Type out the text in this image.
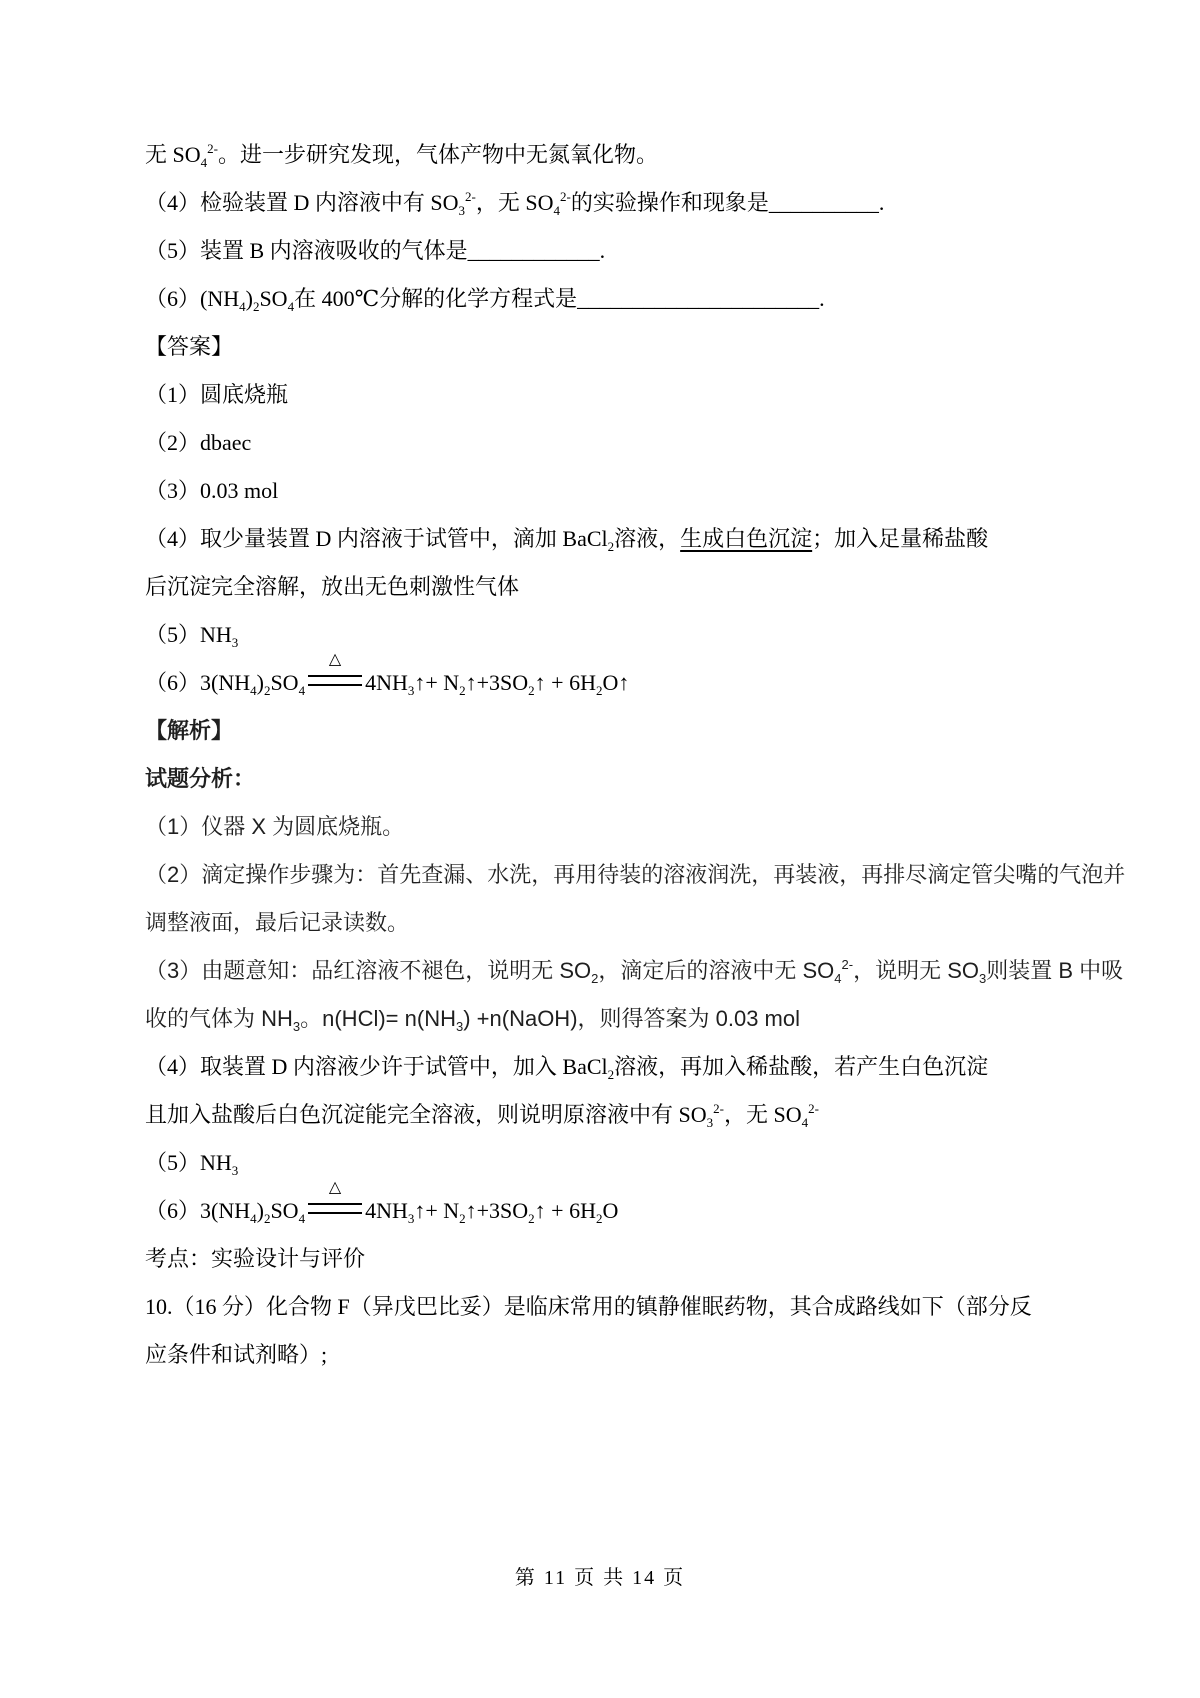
无 $SO_4^{2-}$。进一步研究发现，气体产物中无氮氧化物。

（4）检验装置 D 内溶液中有 $SO_3^{2-}$，无 $SO_4^{2-}$的实验操作和现象是__________.

（5）装置 B 内溶液吸收的气体是____________.

$(6)(NH_4)_2SO_4$在 400℃分解的化学方程式是______________________.

【答案】

（1）圆底烧瓶

（2）dbaec

（3）0.03 mol

（4）取少量装置 D 内溶液于试管中，滴加 BaCl$_2$溶液，生成白色沉淀；加入足量稀盐酸

后沉淀完全溶解，放出无色刺激性气体

$(5)NH_3$

$(6)3(NH_4)_2SO_4$
△
$4NH_3↑+$ $N_2↑+3SO_2↑$ + $6H_2O↑$

【解析】

试题分析：

（1）仪器 X 为圆底烧瓶。

（2）滴定操作步骤为：首先查漏、水洗，再用待装的溶液润洗，再装液，再排尽滴定管尖嘴的气泡并

调整液面，最后记录读数。

（3）由题意知：品红溶液不褪色，说明无 $SO_2$，滴定后的溶液中无 $SO_4^{2-}$，说明无 $SO_3$则装置 B 中吸

收的气体为 $NH_3$。$n(HCl)= n(NH_3)$ +n(NaOH)，则得答案为 0.03 mol

（4）取装置 D 内溶液少许于试管中，加入 BaCl$_2$溶液，再加入稀盐酸，若产生白色沉淀

且加入盐酸后白色沉淀能完全溶液，则说明原溶液中有 $SO_3^{2-}$，无 $SO_4^{2-}$

$(5)NH_3$

$(6)3(NH_4)_2SO_4$
△
$4NH_3↑+$ $N_2↑+3SO_2↑ + 6H_2O$

考点：实验设计与评价

10.（16 分）化合物 F（异戊巴比妥）是临床常用的镇静催眠药物，其合成路线如下（部分反

应条件和试剂略）;

第 11 页 共 14 页
